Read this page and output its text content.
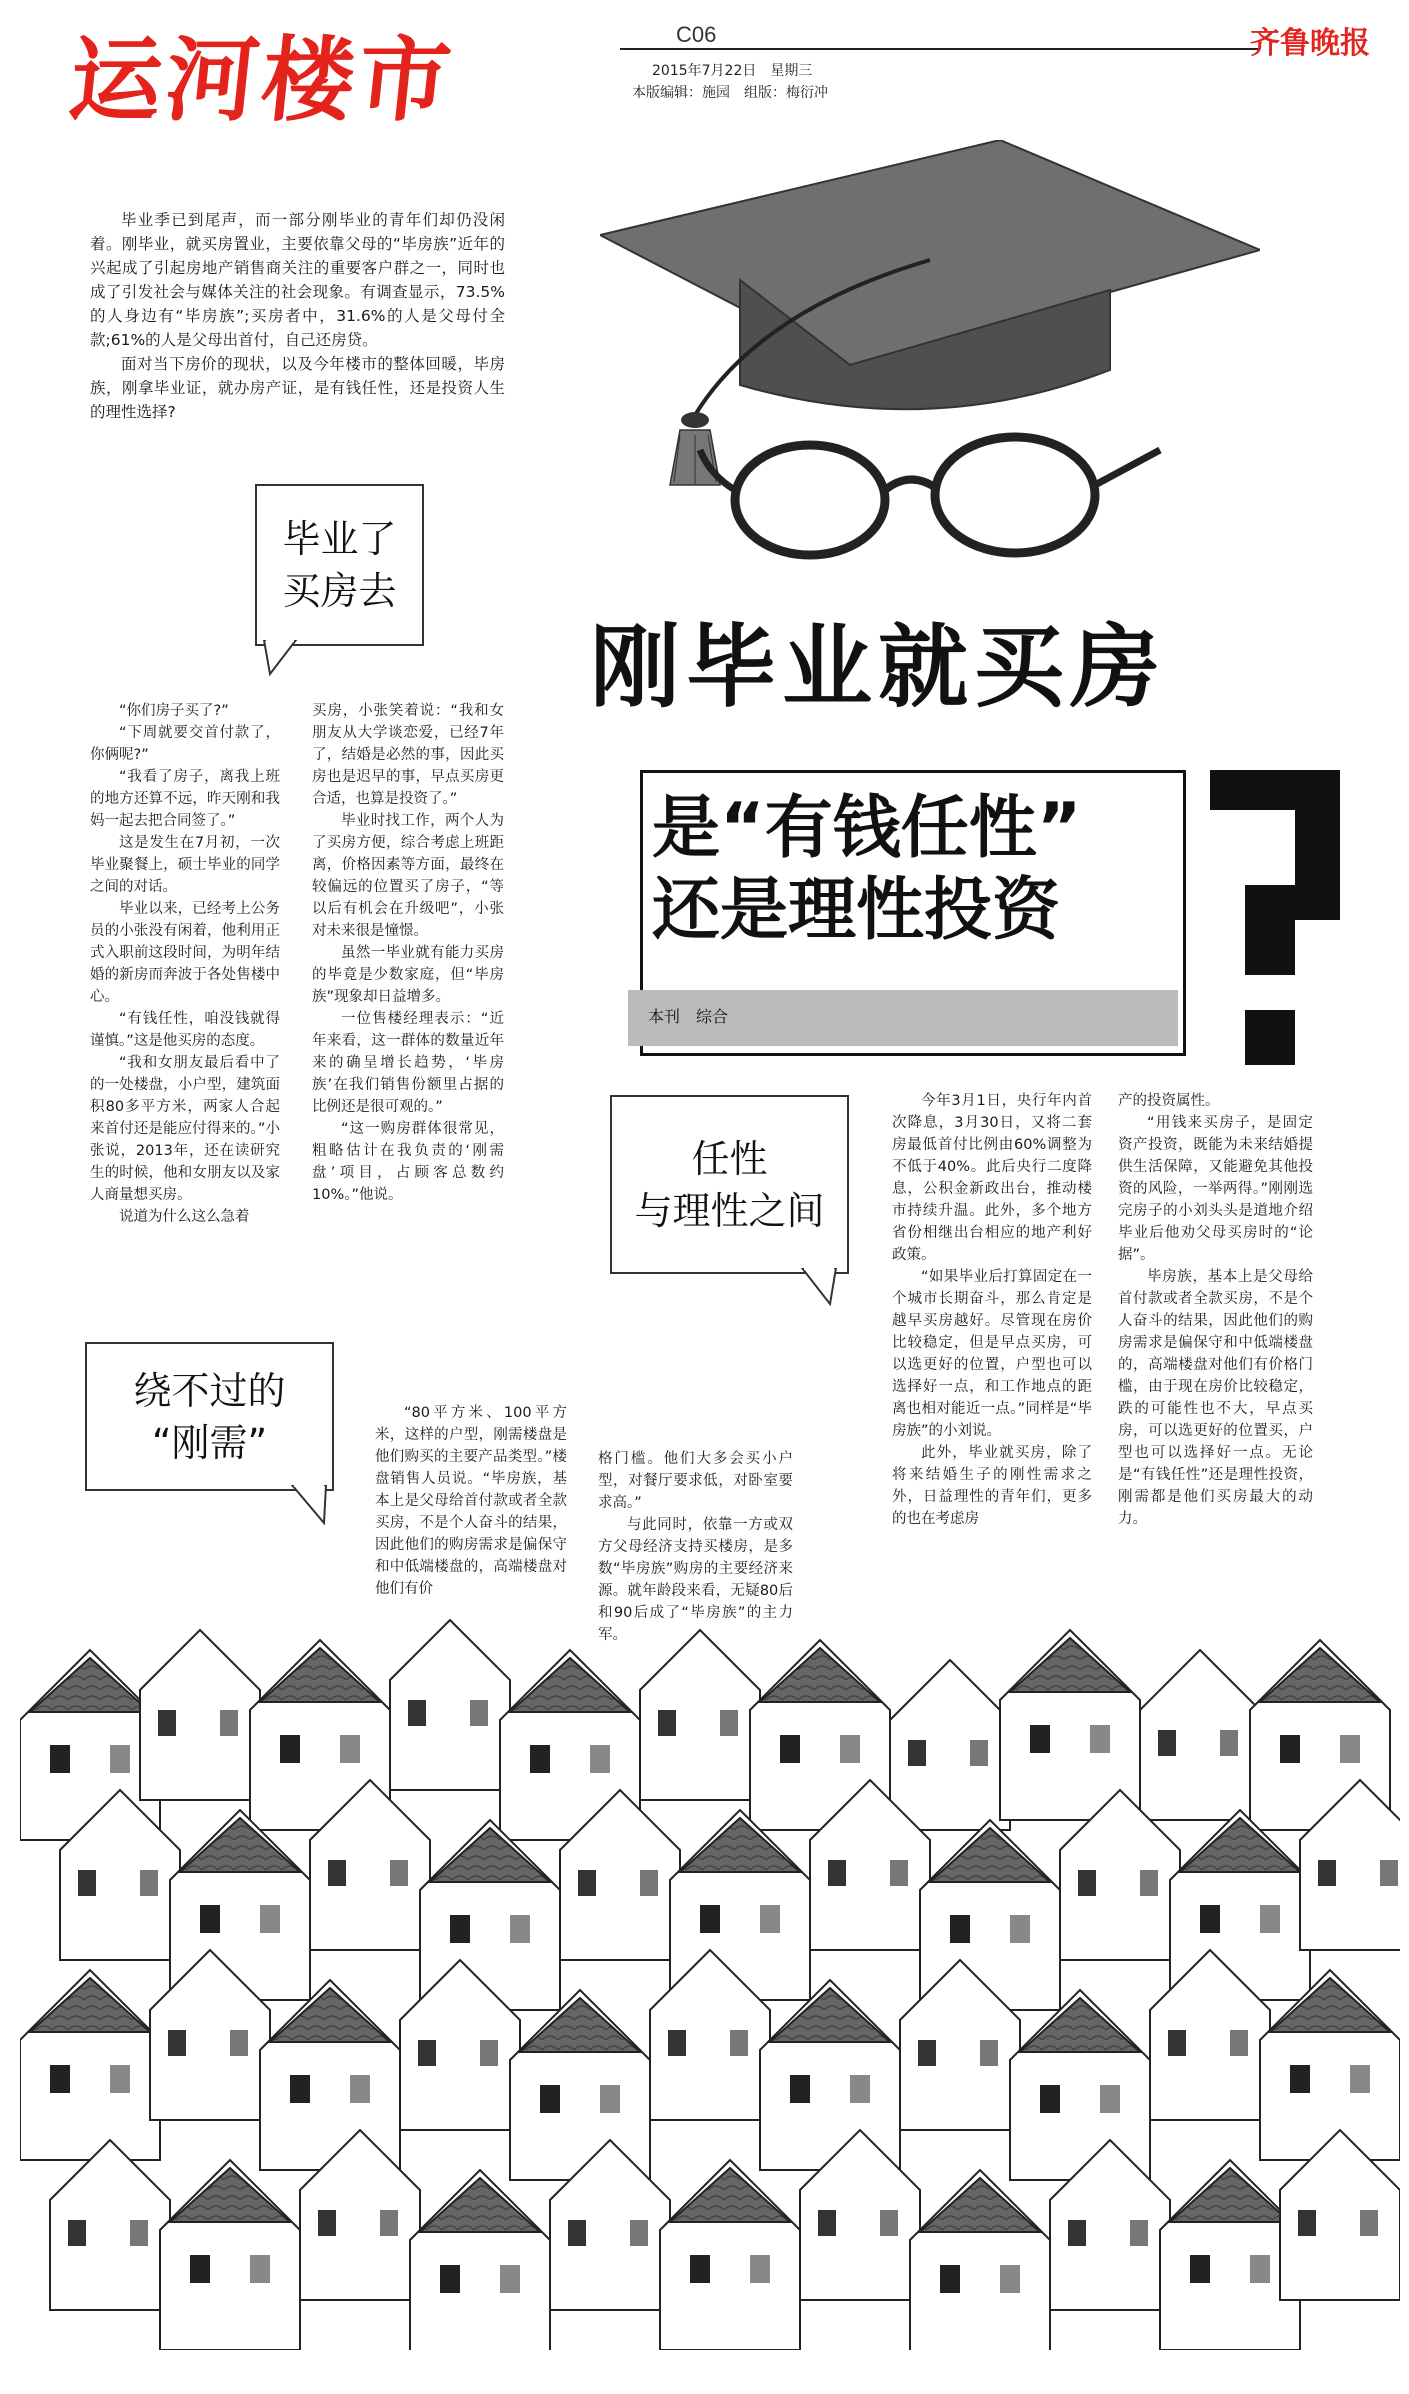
运河楼市	C06
2015年7月22日　星期三
本版编辑：施园　组版：梅衍冲
齐鲁晚报

毕业季已到尾声，而一部分刚毕业的青年们却仍没闲着。刚毕业，就买房置业，主要依靠父母的“毕房族”近年的兴起成了引起房地产销售商关注的重要客户群之一，同时也成了引发社会与媒体关注的社会现象。有调查显示，73.5%的人身边有“毕房族”;买房者中，31.6%的人是父母付全款;61%的人是父母出首付，自己还房贷。

面对当下房价的现状，以及今年楼市的整体回暖，毕房族，刚拿毕业证，就办房产证，是有钱任性，还是投资人生的理性选择?

刚毕业就买房
是“有钱任性”
还是理性投资
本刊　综合
毕业了
买房去

“你们房子买了?”

“下周就要交首付款了，你俩呢?”

“我看了房子，离我上班的地方还算不远，昨天刚和我妈一起去把合同签了。”

这是发生在7月初，一次毕业聚餐上，硕士毕业的同学之间的对话。

毕业以来，已经考上公务员的小张没有闲着，他利用正式入职前这段时间，为明年结婚的新房而奔波于各处售楼中心。

“有钱任性，咱没钱就得谨慎。”这是他买房的态度。

“我和女朋友最后看中了的一处楼盘，小户型，建筑面积80多平方米，两家人合起来首付还是能应付得来的。”小张说，2013年，还在读研究生的时候，他和女朋友以及家人商量想买房。

说道为什么这么急着

买房，小张笑着说：“我和女朋友从大学谈恋爱，已经7年了，结婚是必然的事，因此买房也是迟早的事，早点买房更合适，也算是投资了。”

毕业时找工作，两个人为了买房方便，综合考虑上班距离，价格因素等方面，最终在较偏远的位置买了房子，“等以后有机会在升级吧”，小张对未来很是憧憬。

虽然一毕业就有能力买房的毕竟是少数家庭，但“毕房族”现象却日益增多。

一位售楼经理表示：“近年来看，这一群体的数量近年来的确呈增长趋势，‘毕房族’在我们销售份额里占据的比例还是很可观的。”

“这一购房群体很常见，粗略估计在我负责的‘刚需盘’项目，占顾客总数约10%。”他说。

任性
与理性之间

今年3月1日，央行年内首次降息，3月30日，又将二套房最低首付比例由60%调整为不低于40%。此后央行二度降息，公积金新政出台，推动楼市持续升温。此外，多个地方省份相继出台相应的地产利好政策。

“如果毕业后打算固定在一个城市长期奋斗，那么肯定是越早买房越好。尽管现在房价比较稳定，但是早点买房，可以选更好的位置，户型也可以选择好一点，和工作地点的距离也相对能近一点。”同样是“毕房族”的小刘说。

此外，毕业就买房，除了将来结婚生子的刚性需求之外，日益理性的青年们，更多的也在考虑房

产的投资属性。

“用钱来买房子，是固定资产投资，既能为未来结婚提供生活保障，又能避免其他投资的风险，一举两得。”刚刚选完房子的小刘头头是道地介绍毕业后他劝父母买房时的“论据”。

毕房族，基本上是父母给首付款或者全款买房，不是个人奋斗的结果，因此他们的购房需求是偏保守和中低端楼盘的，高端楼盘对他们有价格门槛，由于现在房价比较稳定，跌的可能性也不大，早点买房，可以选更好的位置买，户型也可以选择好一点。无论是“有钱任性”还是理性投资，刚需都是他们买房最大的动力。

绕不过的
“刚需”

“80平方米、100平方米，这样的户型，刚需楼盘是他们购买的主要产品类型。”楼盘销售人员说。“毕房族，基本上是父母给首付款或者全款买房，不是个人奋斗的结果，因此他们的购房需求是偏保守和中低端楼盘的，高端楼盘对他们有价

格门槛。他们大多会买小户型，对餐厅要求低，对卧室要求高。”

与此同时，依靠一方或双方父母经济支持买楼房，是多数“毕房族”购房的主要经济来源。就年龄段来看，无疑80后和90后成了“毕房族”的主力军。
